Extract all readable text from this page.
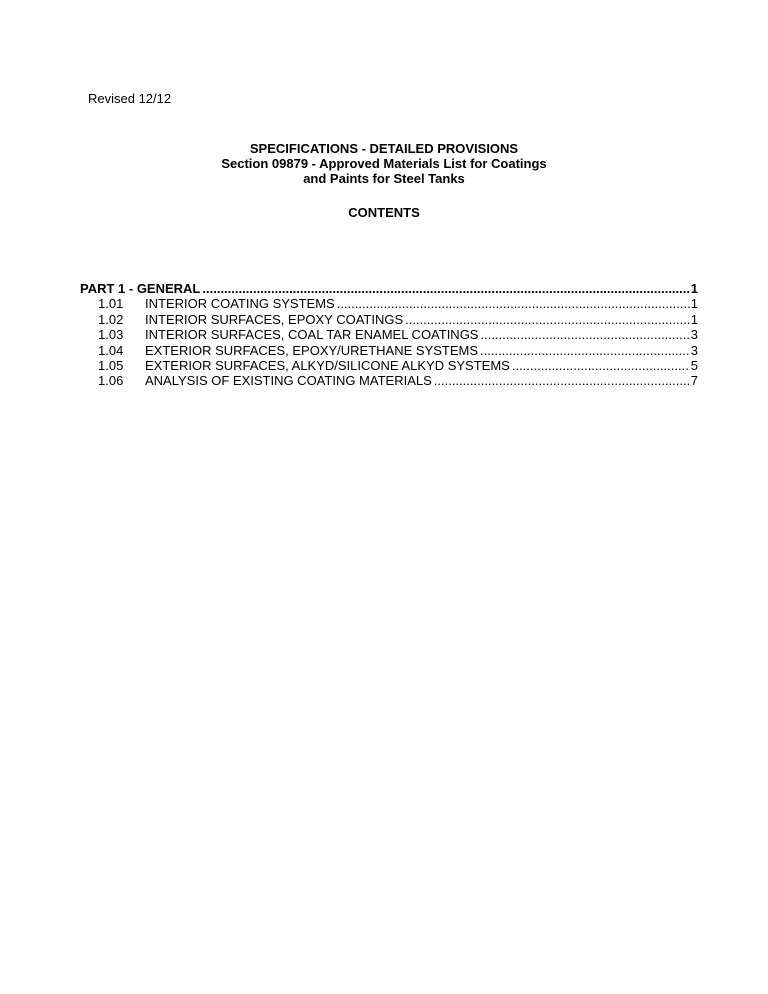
Revised 12/12
SPECIFICATIONS - DETAILED PROVISIONS
Section 09879 - Approved Materials List for Coatings
and Paints for Steel Tanks
CONTENTS
PART 1 - GENERAL .....	1
1.01	INTERIOR COATING SYSTEMS .....	1
1.02	INTERIOR SURFACES, EPOXY COATINGS .....	1
1.03	INTERIOR SURFACES, COAL TAR ENAMEL COATINGS .....	3
1.04	EXTERIOR SURFACES, EPOXY/URETHANE SYSTEMS .....	3
1.05	EXTERIOR SURFACES, ALKYD/SILICONE ALKYD SYSTEMS .....	5
1.06	ANALYSIS OF EXISTING COATING MATERIALS .....	7
